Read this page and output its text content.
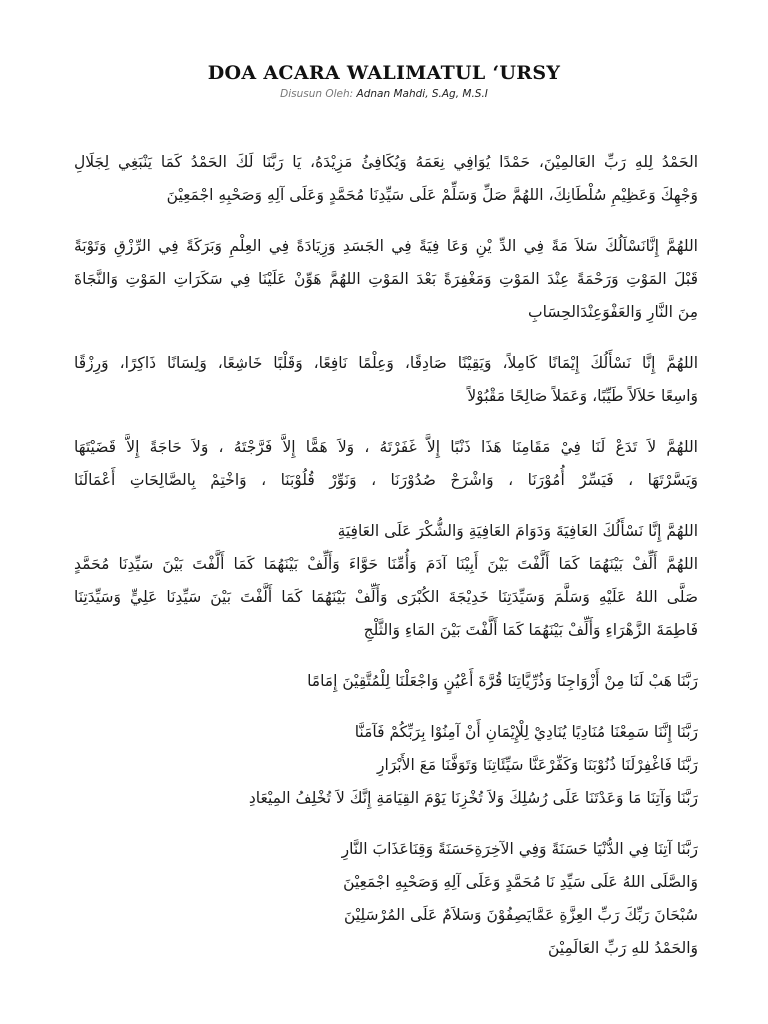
DOA ACARA WALIMATUL ‘URSY
Disusun Oleh: Adnan Mahdi, S.Ag, M.S.I
الحَمْدُ لِلهِ رَبِّ العَالمِيْنَ، حَمْدًا يُوَافِي نِعَمَهُ وَيُكَافِئُ مَزِيْدَهُ، يَا رَبَّنَا لَكَ الحَمْدُ كَمَا يَنْبَغِي لِجَلَالِ
وَجْهِكَ وَعَظِيْمِ سُلْطَانِكَ، اللهُمَّ صَلِّ وَسَلِّمْ عَلَى سَيِّدِنَا مُحَمَّدٍ وَعَلَى آلِهِ وَصَحْبِهِ اجْمَعِيْنَ
اللهُمَّ إِنَّانَسْاَلُكَ سَلاَ مَةً فِي الدِّ يْنِ وَعَا فِيَةً فِي الجَسَدِ وَزِيَادَةً فِي العِلْمِ وَبَرَكَةً فِي الرِّزْقِ وَتَوْبَةً
قَبْلَ المَوْتِ وَرَحْمَةً عِنْدَ المَوْتِ وَمَغْفِرَةً بَعْدَ المَوْتِ اللهُمَّ هَوِّنْ عَلَيْنَا فِي سَكَرَاتِ المَوْتِ وَالنَّجَاةَ
مِنَ النَّارِ وَالعَفْوَعِنْدَالحِسَابِ
اللهُمَّ إِنَّا نَسْأَلُكَ إِيْمَانًا كَامِلاً، وَيَقِيْنًا صَادِقًا، وَعِلْمًا نَافِعًا، وَقَلْبًا خَاشِعًا، وَلِسَانًا ذَاكِرًا، وَرِزْقًا
وَاسِعًا حَلاَلاً طَيِّبًا، وَعَمَلاً صَالِحًا مَقْبُوْلاً
اللهُمَّ لاَ تَدَعْ لَنَا فِيْ مَقَامِنَا هَذَا ذَنْبًا إِلاَّ غَفَرْتَهُ ، وَلاَ هَمًّا إِلاَّ فَرَّجْتَهُ ، وَلاَ حَاجَةً إِلاَّ قَضَيْتَهَا
وَيَسَّرْتَهَا ، فَيَسِّرْ أُمُوْرَنَا ، وَاشْرَحْ صُدُوْرَنَا ، وَنَوِّرْ قُلُوْبَنَا ، وَاخْتِمْ بِالصَّالِحَاتِ أَعْمَالَنَا
اللهُمَّ إِنَّا نَسْأَلُكَ العَافِيَةَ وَدَوَامَ العَافِيَةِ وَالشُّكْرَ عَلَى العَافِيَةِ
اللهُمَّ أَلِّفْ بَيْنَهُمَا كَمَا أَلَّفْتَ بَيْنَ أَبِيْنَا آدَمَ وَأُمِّنَا حَوَّاءَ وَأَلِّفْ بَيْنَهُمَا كَمَا أَلَّفْتَ بَيْنَ سَيِّدِنَا مُحَمَّدٍ
صَلَّى اللهُ عَلَيْهِ وَسَلَّمَ وَسَيِّدَتِنَا خَدِيْجَةَ الكُبْرَى وَأَلِّفْ بَيْنَهُمَا كَمَا أَلَّفْتَ بَيْنَ سَيِّدِنَا عَلِيٍّ وَسَيِّدَتِنَا
فَاطِمَةَ الزَّهْرَاءِ وَأَلِّفْ بَيْنَهُمَا كَمَا أَلَّفْتَ بَيْنَ المَاءِ وَالثَّلْجِ
رَبَّنَا هَبْ لَنَا مِنْ أَزْوَاجِنَا وَذُرِّيَّاتِنَا قُرَّةَ أَعْيُنٍ وَاجْعَلْنَا لِلْمُتَّقِيْنَ إِمَامًا
رَبَّنَا إِنَّنَا سَمِعْنَا مُنَادِيًا يُنَادِيْ لِلْإِيْمَانِ أَنْ آمِنُوْا بِرَبِّكُمْ فَآمَنَّا
رَبَّنَا فَاغْفِرْلَنَا ذُنُوْبَنَا وَكَفِّرْعَنَّا سَيِّئَاتِنَا وَتَوَفَّنَا مَعَ الأَبْرَارِ
رَبَّنَا وَآتِنَا مَا وَعَدْتَنَا عَلَى رُسُلِكَ وَلاَ تُخْزِنَا يَوْمَ القِيَامَةِ إِنَّكَ لاَ تُخْلِفُ المِيْعَادِ
رَبَّنَا آتِنَا فِي الدُّنْيَا حَسَنَةً وَفِي الآخِرَةِحَسَنَةً وَقِنَاعَذَابَ النَّارِ
وَالصَّلَى اللهُ عَلَى سَيِّدِ نَا مُحَمَّدٍ وَعَلَى آلِهِ وَصَحْبِهِ اجْمَعِيْنَ
سُبْحَانَ رَبِّكَ رَبِّ العِزَّةِ عَمَّايَصِفُوْنَ وَسَلاَمٌ عَلَى المُرْسَلِيْنَ
وَالحَمْدُ للهِ رَبِّ العَالَمِيْنَ
